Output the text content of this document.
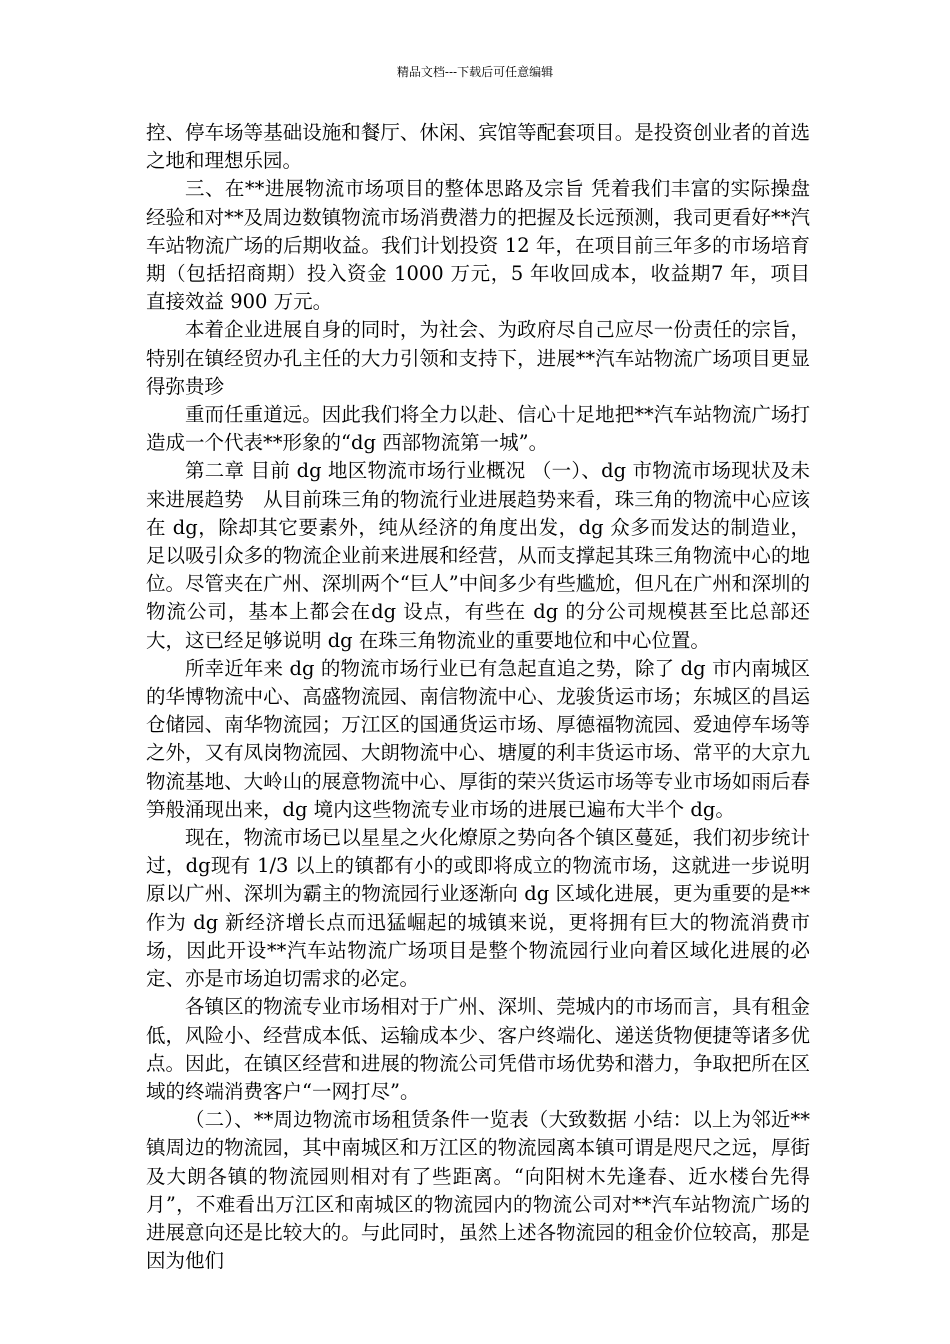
精品文档---下载后可任意编辑

控、停车场等基础设施和餐厅、休闲、宾馆等配套项目。是投资创业者的首选之地和理想乐园。

三、在**进展物流市场项目的整体思路及宗旨 凭着我们丰富的实际操盘经验和对**及周边数镇物流市场消费潜力的把握及长远预测，我司更看好**汽车站物流广场的后期收益。我们计划投资 12 年，在项目前三年多的市场培育期（包括招商期）投入资金 1000 万元，5 年收回成本，收益期7 年，项目直接效益 900 万元。

本着企业进展自身的同时，为社会、为政府尽自己应尽一份责任的宗旨，特别在镇经贸办孔主任的大力引领和支持下，进展**汽车站物流广场项目更显得弥贵珍

重而任重道远。因此我们将全力以赴、信心十足地把**汽车站物流广场打造成一个代表**形象的“dg 西部物流第一城”。

第二章 目前 dg 地区物流市场行业概况 （一）、dg 市物流市场现状及未来进展趋势　从目前珠三角的物流行业进展趋势来看，珠三角的物流中心应该在 dg，除却其它要素外，纯从经济的角度出发，dg 众多而发达的制造业，足以吸引众多的物流企业前来进展和经营，从而支撑起其珠三角物流中心的地位。尽管夹在广州、深圳两个“巨人”中间多少有些尴尬，但凡在广州和深圳的物流公司，基本上都会在dg 设点，有些在 dg 的分公司规模甚至比总部还大，这已经足够说明 dg 在珠三角物流业的重要地位和中心位置。

所幸近年来 dg 的物流市场行业已有急起直追之势，除了 dg 市内南城区的华博物流中心、高盛物流园、南信物流中心、龙骏货运市场；东城区的昌运仓储园、南华物流园；万江区的国通货运市场、厚德福物流园、爱迪停车场等之外，又有凤岗物流园、大朗物流中心、塘厦的利丰货运市场、常平的大京九物流基地、大岭山的展意物流中心、厚街的荣兴货运市场等专业市场如雨后春笋般涌现出来，dg 境内这些物流专业市场的进展已遍布大半个 dg。

现在，物流市场已以星星之火化燎原之势向各个镇区蔓延，我们初步统计过，dg现有 1/3 以上的镇都有小的或即将成立的物流市场，这就进一步说明原以广州、深圳为霸主的物流园行业逐渐向 dg 区域化进展，更为重要的是**作为 dg 新经济增长点而迅猛崛起的城镇来说，更将拥有巨大的物流消费市场，因此开设**汽车站物流广场项目是整个物流园行业向着区域化进展的必定、亦是市场迫切需求的必定。

各镇区的物流专业市场相对于广州、深圳、莞城内的市场而言，具有租金低，风险小、经营成本低、运输成本少、客户终端化、递送货物便捷等诸多优点。因此，在镇区经营和进展的物流公司凭借市场优势和潜力，争取把所在区域的终端消费客户“一网打尽”。

（二）、**周边物流市场租赁条件一览表（大致数据 小结：以上为邻近**镇周边的物流园，其中南城区和万江区的物流园离本镇可谓是咫尺之远，厚街及大朗各镇的物流园则相对有了些距离。“向阳树木先逢春、近水楼台先得月”，不难看出万江区和南城区的物流园内的物流公司对**汽车站物流广场的进展意向还是比较大的。与此同时，虽然上述各物流园的租金价位较高，那是因为他们
